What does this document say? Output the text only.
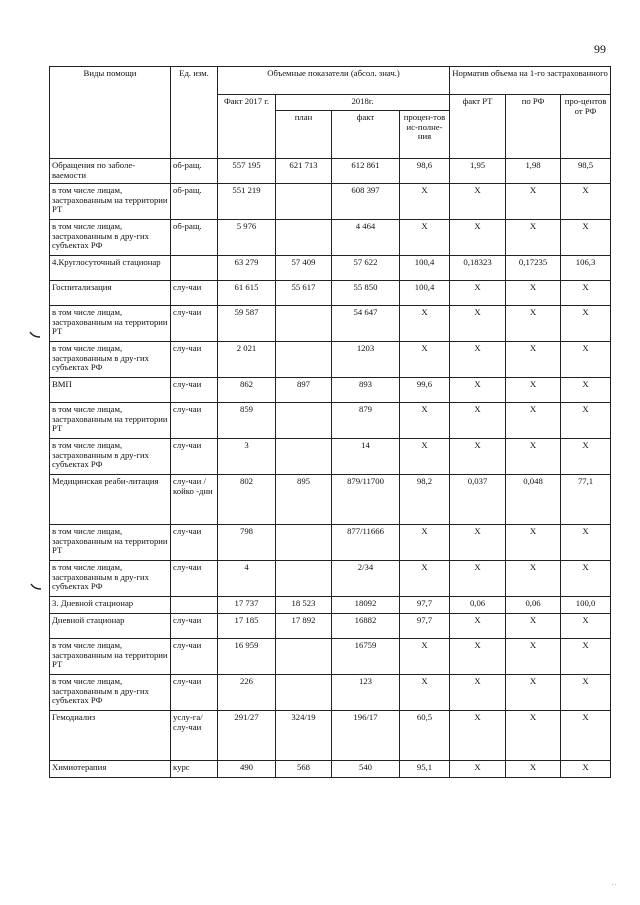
99
Виды помощи	Ед. изм.	Объемные показатели (абсол. знач.)				Норматив объема на 1-го застрахованного		
		Факт 2017 г.	2018г.			факт РТ	по РФ	про-центов от РФ
			план	факт	процен-тов ис-полне-ния			
Обращения по заболе-ваемости	об-ращ.	557 195	621 713	612 861	98,6	1,95	1,98	98,5
в том числе лицам, застрахованным на территории РТ	об-ращ.	551 219		608 397	Х	Х	Х	Х
в том числе лицам, застрахованным в дру-гих субъектах РФ	об-ращ.	5 976		4 464	Х	Х	Х	Х
4.Круглосуточный стационар		63 279	57 409	57 622	100,4	0,18323	0,17235	106,3
Госпитализация	слу-чаи	61 615	55 617	55 850	100,4	Х	Х	Х
в том числе лицам, застрахованным на территории РТ	слу-чаи	59 587		54 647	Х	Х	Х	Х
в том числе лицам, застрахованным в дру-гих субъектах РФ	слу-чаи	2 021		1203	Х	Х	Х	Х
ВМП	слу-чаи	862	897	893	99,6	Х	Х	Х
в том числе лицам, застрахованным на территории РТ	слу-чаи	859		879	Х	Х	Х	Х
в том числе лицам, застрахованным в дру-гих субъектах РФ	слу-чаи	3		14	Х	Х	Х	Х
Медицинская реаби-литация	слу-чаи /койко -дни	802	895	879/11700	98,2	0,037	0,048	77,1
в том числе лицам, застрахованным на территории РТ	слу-чаи	798		877/11666	Х	Х	Х	Х
в том числе лицам, застрахованным в дру-гих субъектах РФ	слу-чаи	4		2/34	Х	Х	Х	Х
3. Дневной стационар		17 737	18 523	18092	97,7	0,06	0,06	100,0
Дневной стационар	слу-чаи	17 185	17 892	16882	97,7	Х	Х	Х
в том числе лицам, застрахованным на территории РТ	слу-чаи	16 959		16759	Х	Х	Х	Х
в том числе лицам, застрахованным в дру-гих субъектах РФ	слу-чаи	226		123	Х	Х	Х	Х
Гемодиализ	услу-га/ слу-чаи	291/27	324/19	196/17	60,5	Х	Х	Х
Химиотерапия	курс	490	568	540	95,1	Х	Х	Х
′ ′
